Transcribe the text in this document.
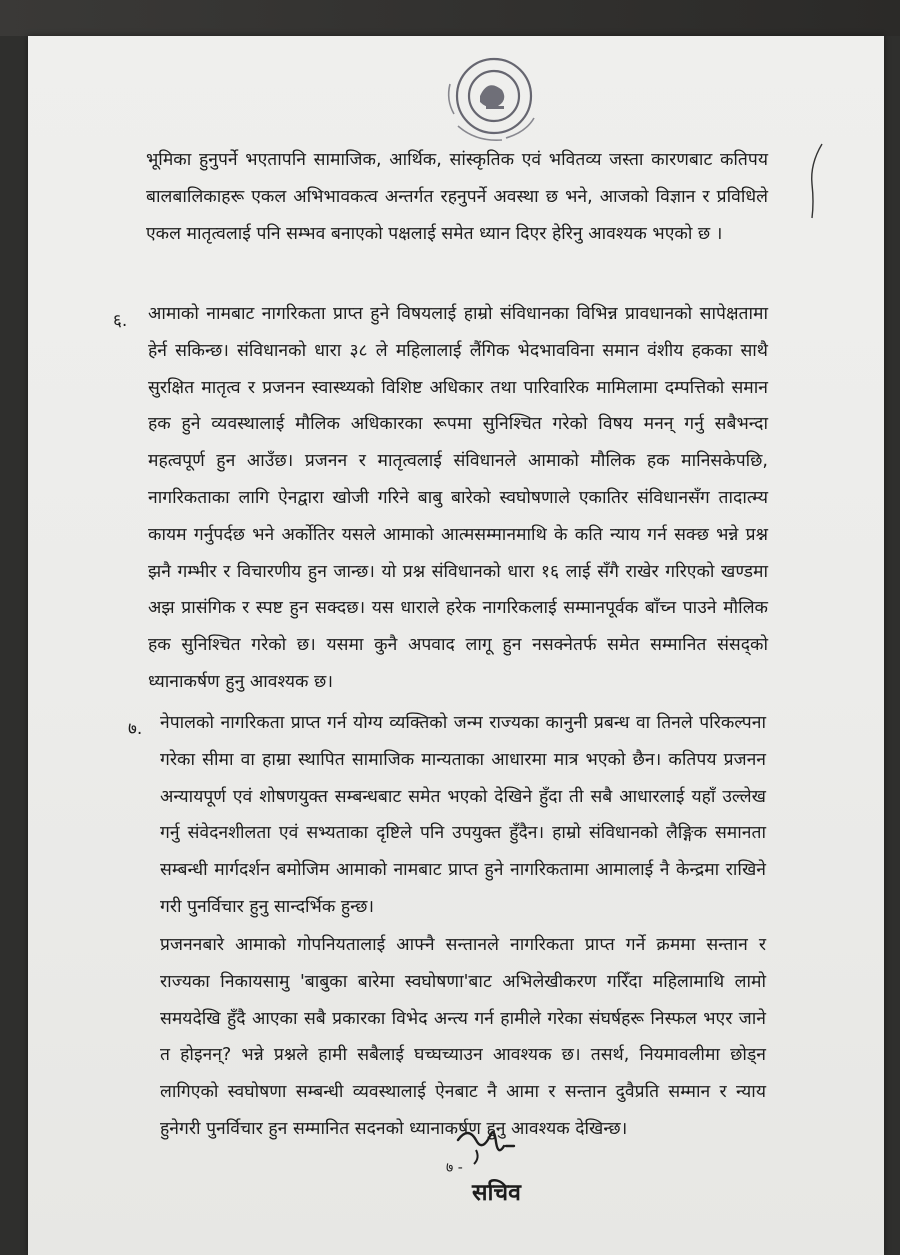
भूमिका हुनुपर्ने भएतापनि सामाजिक, आर्थिक, सांस्कृतिक एवं भवितव्य जस्ता कारणबाट कतिपय बालबालिकाहरू एकल अभिभावकत्व अन्तर्गत रहनुपर्ने अवस्था छ भने, आजको विज्ञान र प्रविधिले एकल मातृत्वलाई पनि सम्भव बनाएको पक्षलाई समेत ध्यान दिएर हेरिनु आवश्यक भएको छ ।

६. आमाको नामबाट नागरिकता प्राप्त हुने विषयलाई हाम्रो संविधानका विभिन्न प्रावधानको सापेक्षतामा हेर्न सकिन्छ। संविधानको धारा ३८ ले महिलालाई लैंगिक भेदभावविना समान वंशीय हकका साथै सुरक्षित मातृत्व र प्रजनन स्वास्थ्यको विशिष्ट अधिकार तथा पारिवारिक मामिलामा दम्पत्तिको समान हक हुने व्यवस्थालाई मौलिक अधिकारका रूपमा सुनिश्चित गरेको विषय मनन् गर्नु सबैभन्दा महत्वपूर्ण हुन आउँछ। प्रजनन र मातृत्वलाई संविधानले आमाको मौलिक हक मानिसकेपछि, नागरिकताका लागि ऐनद्वारा खोजी गरिने बाबु बारेको स्वघोषणाले एकातिर संविधानसँग तादात्म्य कायम गर्नुपर्दछ भने अर्कोतिर यसले आमाको आत्मसम्मानमाथि के कति न्याय गर्न सक्छ भन्ने प्रश्न झनै गम्भीर र विचारणीय हुन जान्छ। यो प्रश्न संविधानको धारा १६ लाई सँगै राखेर गरिएको खण्डमा अझ प्रासंगिक र स्पष्ट हुन सक्दछ। यस धाराले हरेक नागरिकलाई सम्मानपूर्वक बाँच्न पाउने मौलिक हक सुनिश्चित गरेको छ। यसमा कुनै अपवाद लागू हुन नसक्नेतर्फ समेत सम्मानित संसद्को ध्यानाकर्षण हुनु आवश्यक छ।

७. नेपालको नागरिकता प्राप्त गर्न योग्य व्यक्तिको जन्म राज्यका कानुनी प्रबन्ध वा तिनले परिकल्पना गरेका सीमा वा हाम्रा स्थापित सामाजिक मान्यताका आधारमा मात्र भएको छैन। कतिपय प्रजनन अन्यायपूर्ण एवं शोषणयुक्त सम्बन्धबाट समेत भएको देखिने हुँदा ती सबै आधारलाई यहाँ उल्लेख गर्नु संवेदनशीलता एवं सभ्यताका दृष्टिले पनि उपयुक्त हुँदैन। हाम्रो संविधानको लैङ्गिक समानता सम्बन्धी मार्गदर्शन बमोजिम आमाको नामबाट प्राप्त हुने नागरिकतामा आमालाई नै केन्द्रमा राखिने गरी पुनर्विचार हुनु सान्दर्भिक हुन्छ।

प्रजननबारे आमाको गोपनियतालाई आफ्नै सन्तानले नागरिकता प्राप्त गर्ने क्रममा सन्तान र राज्यका निकायसामु 'बाबुका बारेमा स्वघोषणा'बाट अभिलेखीकरण गरिँदा महिलामाथि लामो समयदेखि हुँदै आएका सबै प्रकारका विभेद अन्त्य गर्न हामीले गरेका संघर्षहरू निस्फल भएर जाने त होइनन्? भन्ने प्रश्नले हामी सबैलाई घच्घच्याउन आवश्यक छ। तसर्थ, नियमावलीमा छोड्न लागिएको स्वघोषणा सम्बन्धी व्यवस्थालाई ऐनबाट नै आमा र सन्तान दुवैप्रति सम्मान र न्याय हुनेगरी पुनर्विचार हुन सम्मानित सदनको ध्यानाकर्षण हुनु आवश्यक देखिन्छ।

७ -
सचिव
